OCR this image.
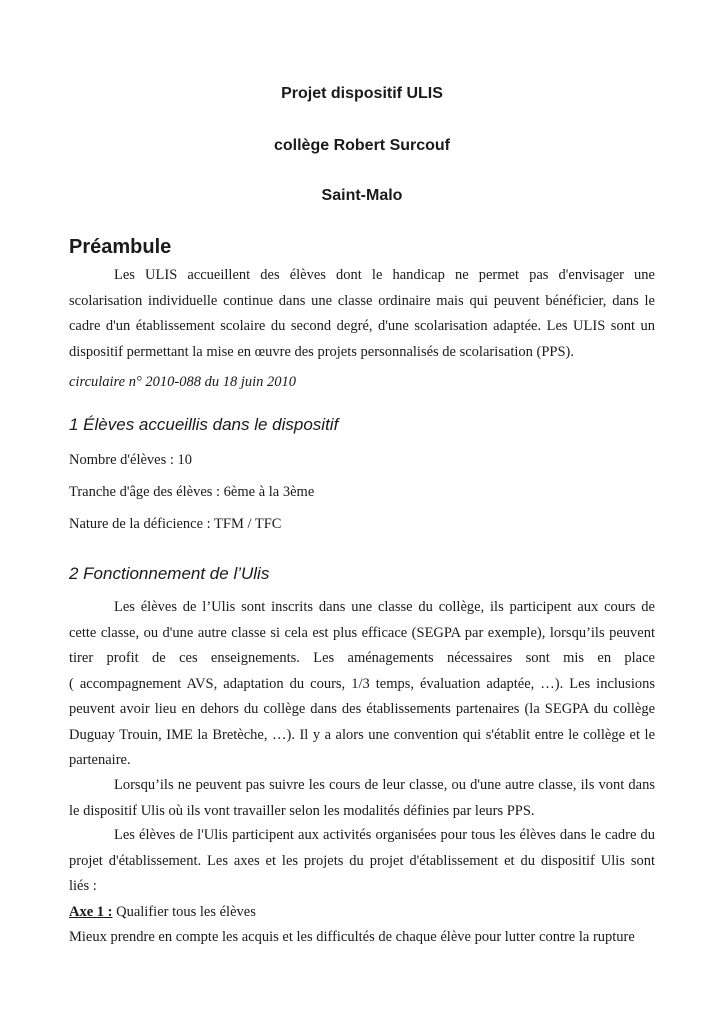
Projet dispositif ULIS
collège Robert Surcouf
Saint-Malo
Préambule
Les ULIS accueillent des élèves dont le handicap ne permet pas d'envisager une
scolarisation individuelle continue dans une classe ordinaire mais qui peuvent bénéficier, dans le
cadre d'un établissement scolaire du second degré, d'une scolarisation adaptée. Les ULIS sont un
dispositif permettant la mise en œuvre des projets personnalisés de scolarisation (PPS).
circulaire n° 2010-088 du 18 juin 2010
1 Élèves accueillis dans le dispositif
Nombre d'élèves : 10
Tranche d'âge des élèves : 6ème à la 3ème
Nature de la déficience : TFM / TFC
2 Fonctionnement de l’Ulis
Les élèves de l’Ulis sont inscrits dans une classe du collège, ils participent aux cours de
cette classe, ou d'une autre classe si cela est plus efficace (SEGPA par exemple), lorsqu’ils peuvent
tirer profit de ces enseignements. Les aménagements nécessaires sont mis en place
( accompagnement AVS, adaptation du cours, 1/3 temps, évaluation adaptée, …). Les inclusions
peuvent avoir lieu en dehors du collège dans des établissements partenaires (la SEGPA du collège
Duguay Trouin, IME la Bretèche, …). Il y a alors une convention qui s'établit entre le collège et le
partenaire.
Lorsqu’ils ne peuvent pas suivre les cours de leur classe, ou d'une autre classe, ils vont dans
le dispositif Ulis où ils vont travailler selon les modalités définies par leurs PPS.
Les élèves de l'Ulis participent aux activités organisées pour tous les élèves dans le cadre du
projet d'établissement. Les axes et les projets du projet d'établissement et du dispositif Ulis sont
liés :
Axe 1 : Qualifier tous les élèves
Mieux prendre en compte les acquis et les difficultés de chaque élève pour lutter contre la rupture
